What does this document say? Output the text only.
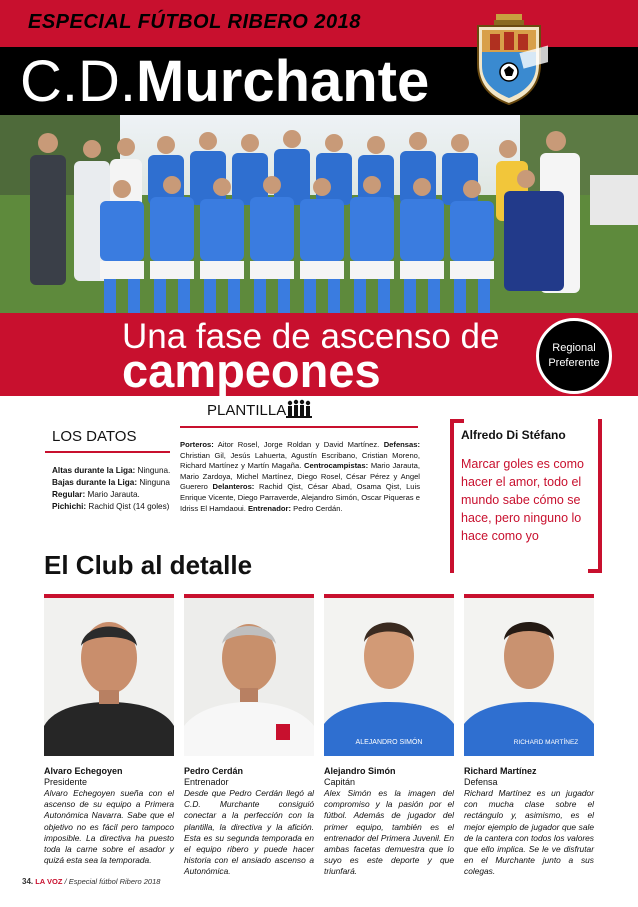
ESPECIAL FÚTBOL RIBERO 2018
C.D.Murchante
Una fase de ascenso de
campeones	Regional
Preferente
LOS DATOS
Altas durante la Liga: Ninguna.
Bajas durante la Liga: Ninguna
Regular: Mario Jarauta.
Pichichi: Rachid Qist (14 goles)
PLANTILLA
Porteros: Aitor Rosel, Jorge Roldan y David Martínez. Defensas: Christian Gil, Jesús Lahuerta, Agustín Escribano, Cristian Moreno, Richard Martínez y Martín Magaña. Centrocampistas: Mario Jarauta, Mario Zardoya, Michel Martínez, Diego Rosel, César Pérez y Angel Guerero Delanteros: Rachid Qist, César Abad, Osama Qist, Luis Enrique Vicente, Diego Parraverde, Alejandro Simón, Oscar Piqueras e Idriss El Hamdaoui. Entrenador: Pedro Cerdán.
Alfredo Di Stéfano
Marcar goles es como hacer el amor, todo el mundo sabe cómo se hace, pero ninguno lo hace como yo
El Club al detalle
Alvaro Echegoyen
Presidente
Alvaro Echegoyen sueña con el ascenso de su equipo a Primera Autonómica Navarra. Sabe que el objetivo no es fácil pero tampoco imposible. La directiva ha puesto toda la carne sobre el asador y quizá esta sea la temporada.
Pedro Cerdán
Entrenador
Desde que Pedro Cerdán llegó al C.D. Murchante consiguió conectar a la perfección con la plantilla, la directiva y la afición. Esta es su segunda temporada en el equipo ribero y puede hacer historia con el ansiado ascenso a Autonómica.
ALEJANDRO SIMÓN
Alejandro Simón
Capitán
Alex Simón es la imagen del compromiso y la pasión por el fútbol. Además de jugador del primer equipo, también es el entrenador del Primera Juvenil. En ambas facetas demuestra que lo suyo es este deporte y que triunfará.
RICHARD MARTÍNEZ
Richard Martínez
Defensa
Richard Martínez es un jugador con mucha clase sobre el rectángulo y, asimismo, es el mejor ejemplo de jugador que sale de la cantera con todos los valores que ello implica. Se le ve disfrutar en el Murchante junto a sus colegas.
34. LA VOZ / Especial fútbol Ribero 2018
